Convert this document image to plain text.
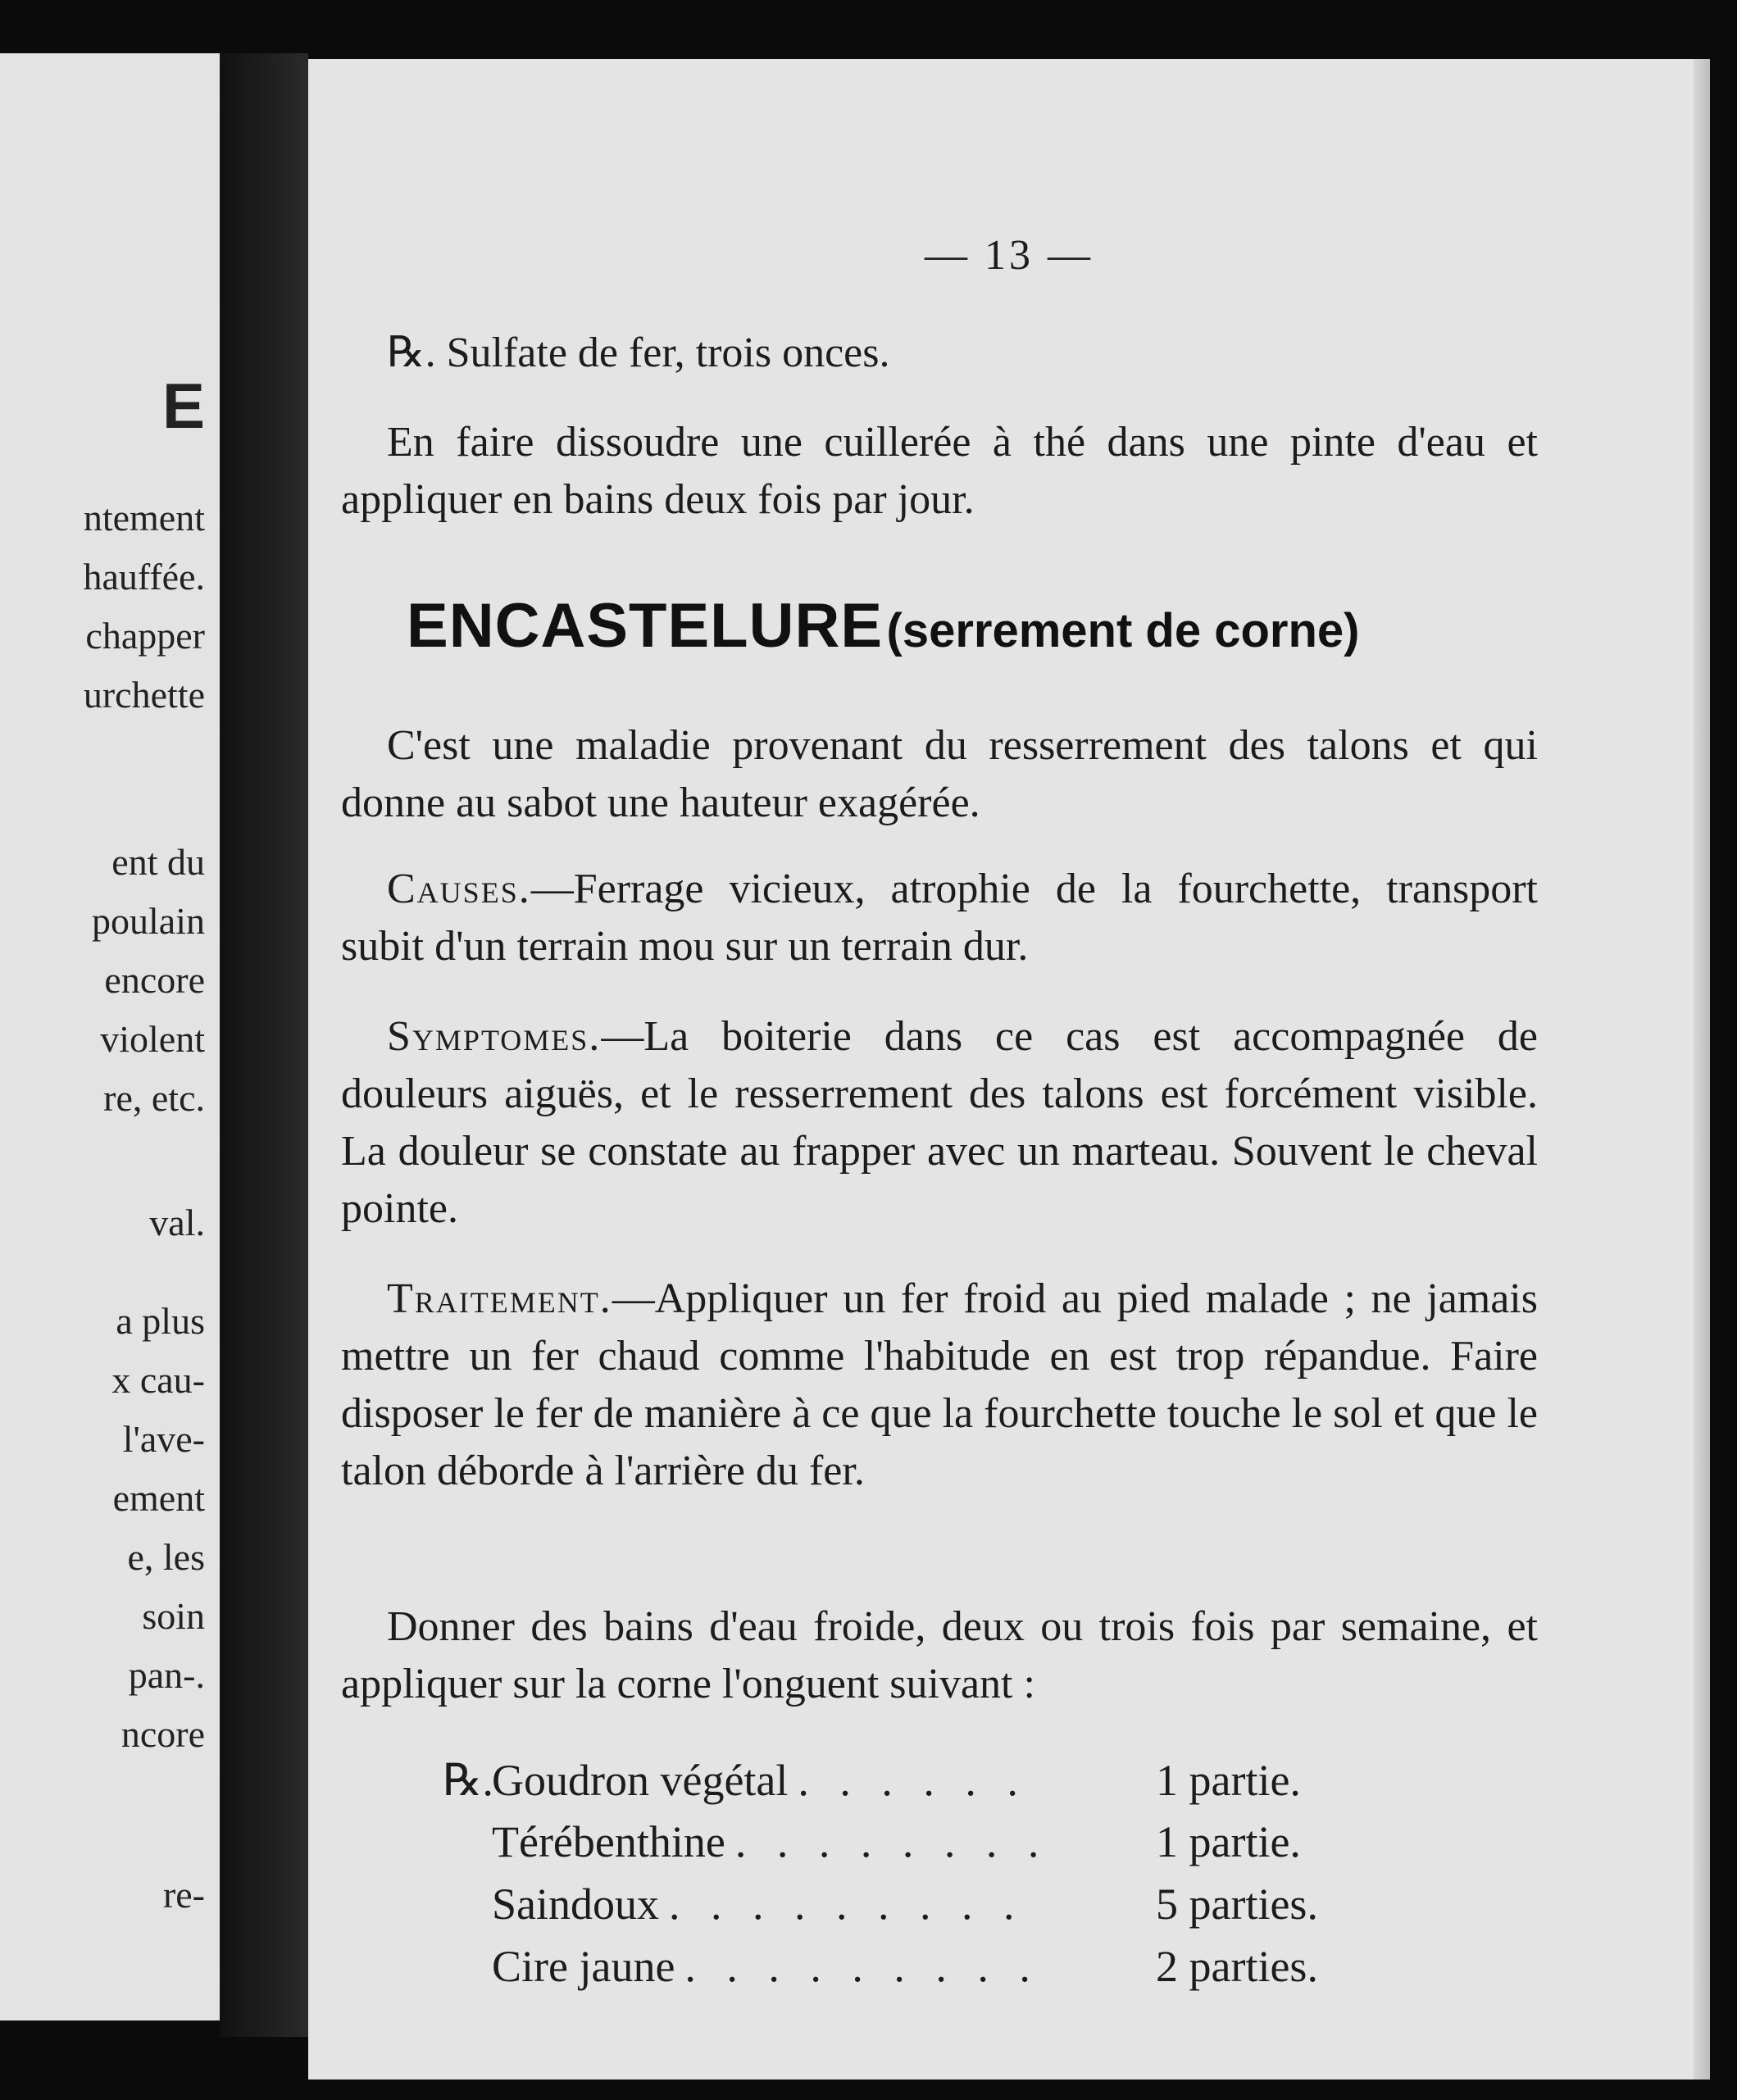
E
ntement
hauffée.
chapper
urchette
ent du
poulain
encore
violent
re, etc.
val.
a plus
x cau-
l'ave-
ement
e, les
soin
pan-.
ncore
re-
— 13 —
℞. Sulfate de fer, trois onces.
En faire dissoudre une cuillerée à thé dans une pinte d'eau et appliquer en bains deux fois par jour.
ENCASTELURE (serrement de corne)
C'est une maladie provenant du resserrement des talons et qui donne au sabot une hauteur exagérée.
Causes.—Ferrage vicieux, atrophie de la fourchette, transport subit d'un terrain mou sur un terrain dur.
Symptomes.—La boiterie dans ce cas est accompagnée de douleurs aiguës, et le resserrement des talons est forcément visible. La douleur se constate au frapper avec un marteau. Souvent le cheval pointe.
Traitement.—Appliquer un fer froid au pied malade ; ne jamais mettre un fer chaud comme l'habitude en est trop répandue. Faire disposer le fer de manière à ce que la fourchette touche le sol et que le talon déborde à l'arrière du fer.
Donner des bains d'eau froide, deux ou trois fois par semaine, et appliquer sur la corne l'onguent suivant :
℞.
Goudron végétal . . . . . .	1 partie.
Térébenthine . . . . . . . .	1 partie.
Saindoux . . . . . . . . .	5 parties.
Cire jaune . . . . . . . . .	2 parties.
